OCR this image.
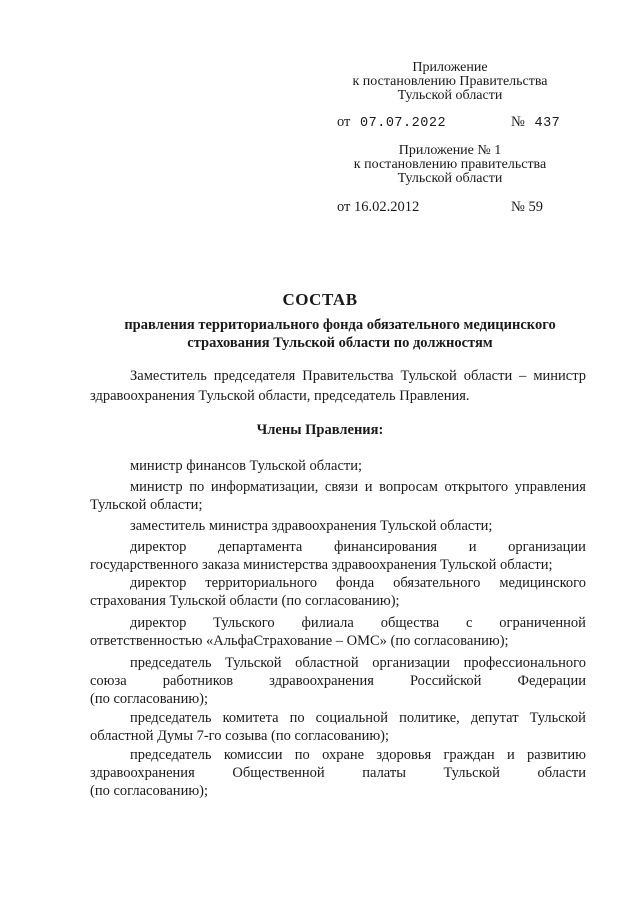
Приложение
к постановлению Правительства
Тульской области
от 07.07.2022	№ 437
Приложение № 1
к постановлению правительства
Тульской области
от 16.02.2012	№ 59
СОСТАВ
правления территориального фонда обязательного медицинского
страхования Тульской области по должностям
Заместитель председателя Правительства Тульской области – министр
здравоохранения Тульской области, председатель Правления.
Члены Правления:
министр финансов Тульской области;
министр по информатизации, связи и вопросам открытого управления
Тульской области;
заместитель министра здравоохранения Тульской области;
директор департамента финансирования и организации
государственного заказа министерства здравоохранения Тульской области;
директор территориального фонда обязательного медицинского
страхования Тульской области (по согласованию);
директор Тульского филиала общества с ограниченной
ответственностью «АльфаСтрахование – ОМС» (по согласованию);
председатель Тульской областной организации профессионального
союза работников здравоохранения Российской Федерации
(по согласованию);
председатель комитета по социальной политике, депутат Тульской
областной Думы 7-го созыва (по согласованию);
председатель комиссии по охране здоровья граждан и развитию
здравоохранения	Общественной	палаты	Тульской	области
(по согласованию);
